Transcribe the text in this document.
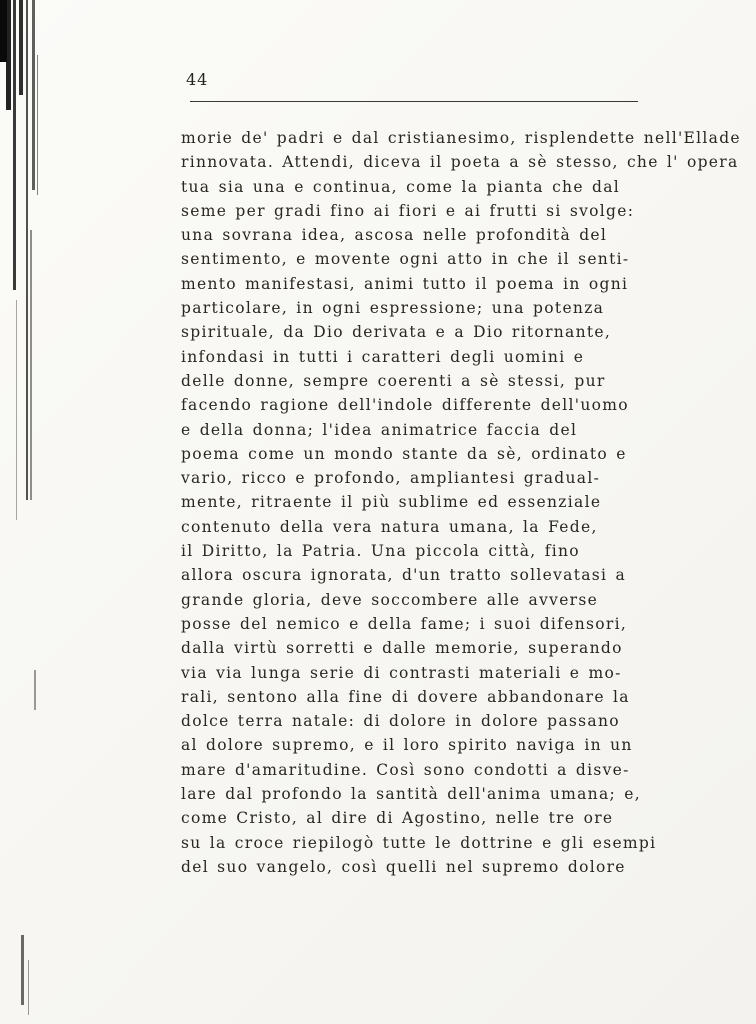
44
morie de' padri e dal cristianesimo, risplendette nell'Ellade
rinnovata. Attendi, diceva il poeta a sè stesso, che l' opera
tua sia una e continua, come la pianta che dal
seme per gradi fino ai fiori e ai frutti si svolge:
una sovrana idea, ascosa nelle profondità del
sentimento, e movente ogni atto in che il senti-
mento manifestasi, animi tutto il poema in ogni
particolare, in ogni espressione; una potenza
spirituale, da Dio derivata e a Dio ritornante,
infondasi in tutti i caratteri degli uomini e
delle donne, sempre coerenti a sè stessi, pur
facendo ragione dell'indole differente dell'uomo
e della donna; l'idea animatrice faccia del
poema come un mondo stante da sè, ordinato e
vario, ricco e profondo, ampliantesi gradual-
mente, ritraente il più sublime ed essenziale
contenuto della vera natura umana, la Fede,
il Diritto, la Patria. Una piccola città, fino
allora oscura ignorata, d'un tratto sollevatasi a
grande gloria, deve soccombere alle avverse
posse del nemico e della fame; i suoi difensori,
dalla virtù sorretti e dalle memorie, superando
via via lunga serie di contrasti materiali e mo-
rali, sentono alla fine di dovere abbandonare la
dolce terra natale: di dolore in dolore passano
al dolore supremo, e il loro spirito naviga in un
mare d'amaritudine. Così sono condotti a disve-
lare dal profondo la santità dell'anima umana; e,
come Cristo, al dire di Agostino, nelle tre ore
su la croce riepilogò tutte le dottrine e gli esempi
del suo vangelo, così quelli nel supremo dolore
